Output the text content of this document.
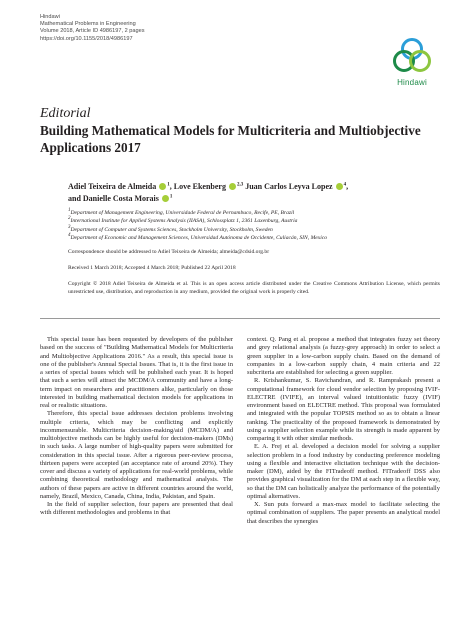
Hindawi
Mathematical Problems in Engineering
Volume 2018, Article ID 4986197, 2 pages
https://doi.org/10.1155/2018/4986197
Hindawi
Editorial
Building Mathematical Models for Multicriteria and Multiobjective Applications 2017
Adiel Teixeira de Almeida $^1$, Love Ekenberg $^{2,3}$ Juan Carlos Leyva Lopez $^4$,
and Danielle Costa Morais $^1$
$^1$Department of Management Engineering, Universidade Federal de Pernambuco, Recife, PE, Brazil
$^2$International Institute for Applied Systems Analysis (IIASA), Schlossplatz 1, 2361 Laxenburg, Austria
$^3$Department of Computer and Systems Sciences, Stockholm University, Stockholm, Sweden
$^4$Department of Economic and Management Sciences, Universidad Autónoma de Occidente, Culiacán, SIN, Mexico
Correspondence should be addressed to Adiel Teixeira de Almeida; almeida@cdsid.org.br
Received 1 March 2018; Accepted 4 March 2018; Published 22 April 2018
Copyright © 2018 Adiel Teixeira de Almeida et al. This is an open access article distributed under the Creative Commons Attribution License, which permits unrestricted use, distribution, and reproduction in any medium, provided the original work is properly cited.

This special issue has been requested by developers of the publisher based on the success of "Building Mathematical Models for Multicriteria and Multiobjective Applications 2016." As a result, this special issue is one of the publisher's Annual Special Issues. That is, it is the first issue in a series of special issues which will be published each year. It is hoped that such a series will attract the MCDM/A community and have a long-term impact on researchers and practitioners alike, particularly on those interested in building mathematical decision models for applications in real or realistic situations.

Therefore, this special issue addresses decision problems involving multiple criteria, which may be conflicting and explicitly incommensurable. Multicriteria decision-making/aid (MCDM/A) and multiobjective methods can be highly useful for decision-makers (DMs) in such tasks. A large number of high-quality papers were submitted for consideration in this special issue. After a rigorous peer-review process, thirteen papers were accepted (an acceptance rate of around 20%). They cover and discuss a variety of applications for real-world problems, while combining theoretical methodology and mathematical analysis. The authors of these papers are active in different countries around the world, namely, Brazil, Mexico, Canada, China, India, Pakistan, and Spain.

In the field of supplier selection, four papers are presented that deal with different methodologies and problems in that

context. Q. Pang et al. propose a method that integrates fuzzy set theory and grey relational analysis (a fuzzy-grey approach) in order to select a green supplier in a low-carbon supply chain. Based on the demand of companies in a low-carbon supply chain, 4 main criteria and 22 subcriteria are established for selecting a green supplier.

R. Krishankumar, S. Ravichandran, and R. Ramprakash present a computational framework for cloud vendor selection by proposing IVIF-ELECTRE (IVIFE), an interval valued intuitionistic fuzzy (IVIF) environment based on ELECTRE method. This proposal was formulated and integrated with the popular TOPSIS method so as to obtain a linear ranking. The practicality of the proposed framework is demonstrated by using a supplier selection example while its strength is made apparent by comparing it with other similar methods.

E. A. Frej et al. developed a decision model for solving a supplier selection problem in a food industry by conducting preference modeling using a flexible and interactive elicitation technique with the decision-maker (DM), aided by the FITradeoff method. FITradeoff DSS also provides graphical visualization for the DM at each step in a flexible way, so that the DM can holistically analyze the performance of the potentially optimal alternatives.

X. Sun puts forward a max-max model to facilitate selecting the optimal combination of suppliers. The paper presents an analytical model that describes the synergies
